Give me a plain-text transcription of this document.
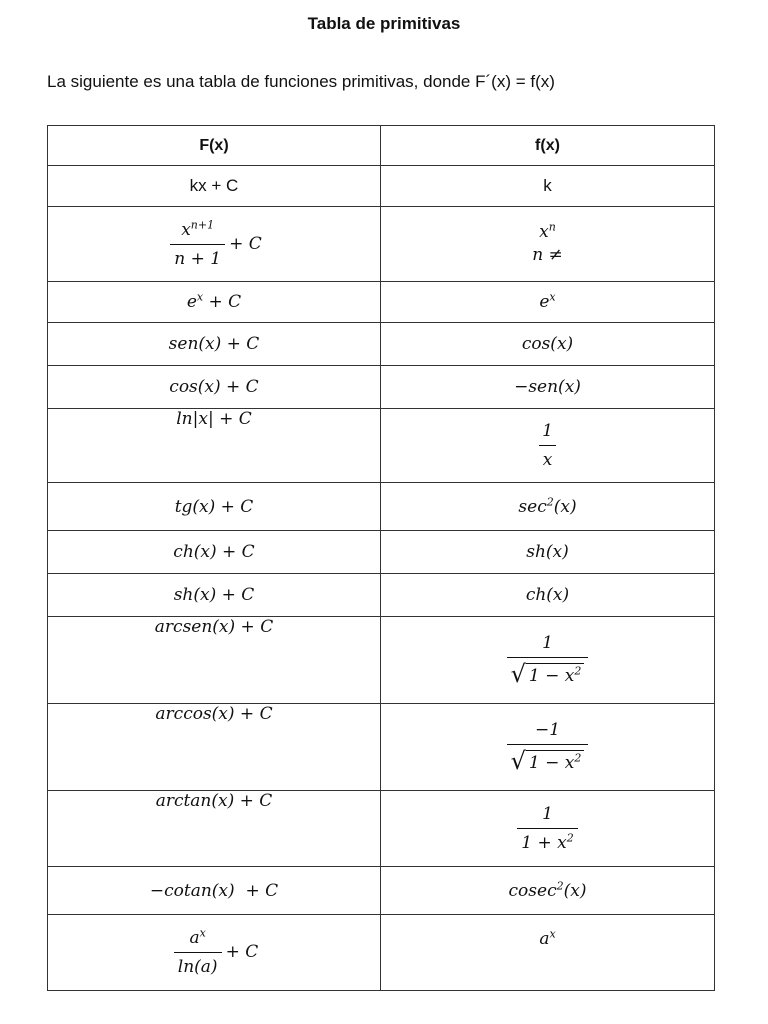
Tabla de primitivas
La siguiente es una tabla de funciones primitivas, donde F´(x) = f(x)
F(x)	f(x)
kx + C	k

$\frac{x^{n+1}}{n + 1} + C$	$x^n$
n ≠

$e^x + C$	$e^x$
sen(x) + C	cos(x)
cos(x) + C	−sen(x)
ln|x| + C	$\frac{1}{x}$

tg(x) + C	$\sec^2(x)$
ch(x) + C	sh(x)
sh(x) + C	ch(x)
arcsen(x) + C	$\frac{1}{√ 1 - x^2}$

arccos(x) + C	$\frac{-1}{√ 1 - x^2}$

arctan(x) + C	$\frac{1}{1 + x^2}$

−cotan(x)  + C	cosec$^2$(x)

$\frac{a^x}{\ln(a)} + C$	$a^x$
